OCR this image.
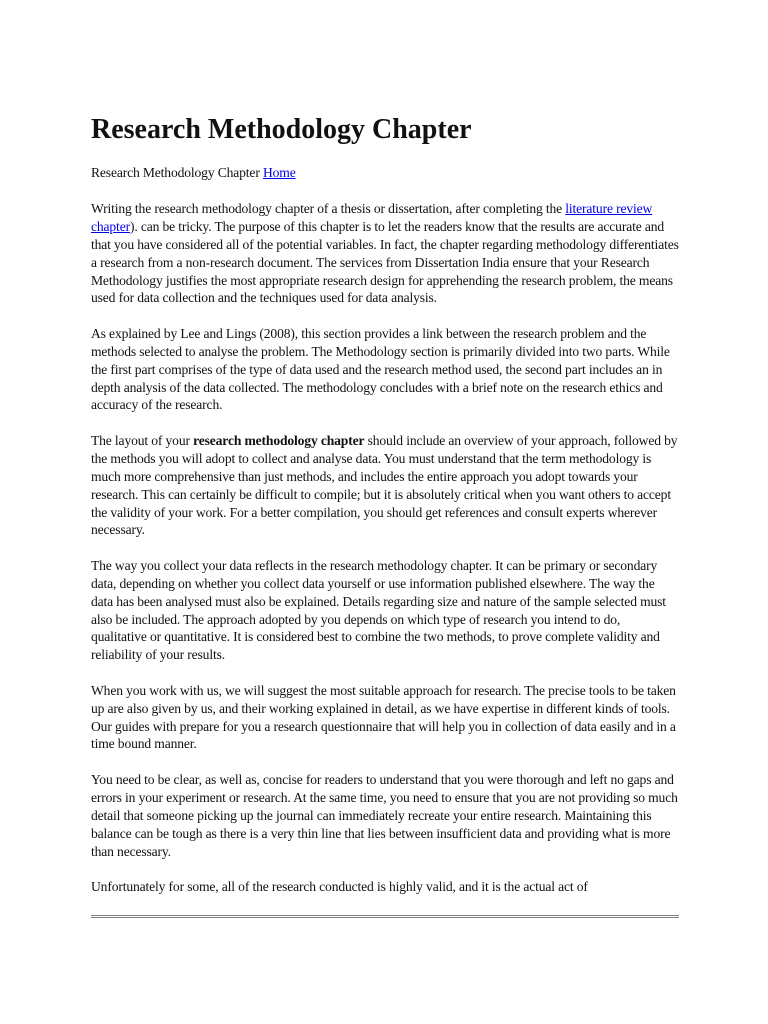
Research Methodology Chapter

Research Methodology Chapter Home

Writing the research methodology chapter of a thesis or dissertation, after completing the literature review chapter). can be tricky. The purpose of this chapter is to let the readers know that the results are accurate and that you have considered all of the potential variables. In fact, the chapter regarding methodology differentiates a research from a non-research document. The services from Dissertation India ensure that your Research Methodology justifies the most appropriate research design for apprehending the research problem, the means used for data collection and the techniques used for data analysis.

As explained by Lee and Lings (2008), this section provides a link between the research problem and the methods selected to analyse the problem. The Methodology section is primarily divided into two parts. While the first part comprises of the type of data used and the research method used, the second part includes an in depth analysis of the data collected. The methodology concludes with a brief note on the research ethics and accuracy of the research.

The layout of your research methodology chapter should include an overview of your approach, followed by the methods you will adopt to collect and analyse data. You must understand that the term methodology is much more comprehensive than just methods, and includes the entire approach you adopt towards your research. This can certainly be difficult to compile; but it is absolutely critical when you want others to accept the validity of your work. For a better compilation, you should get references and consult experts wherever necessary.

The way you collect your data reflects in the research methodology chapter. It can be primary or secondary data, depending on whether you collect data yourself or use information published elsewhere. The way the data has been analysed must also be explained. Details regarding size and nature of the sample selected must also be included. The approach adopted by you depends on which type of research you intend to do, qualitative or quantitative. It is considered best to combine the two methods, to prove complete validity and reliability of your results.

When you work with us, we will suggest the most suitable approach for research. The precise tools to be taken up are also given by us, and their working explained in detail, as we have expertise in different kinds of tools. Our guides with prepare for you a research questionnaire that will help you in collection of data easily and in a time bound manner.

You need to be clear, as well as, concise for readers to understand that you were thorough and left no gaps and errors in your experiment or research. At the same time, you need to ensure that you are not providing so much detail that someone picking up the journal can immediately recreate your entire research. Maintaining this balance can be tough as there is a very thin line that lies between insufficient data and providing what is more than necessary.

Unfortunately for some, all of the research conducted is highly valid, and it is the actual act of
